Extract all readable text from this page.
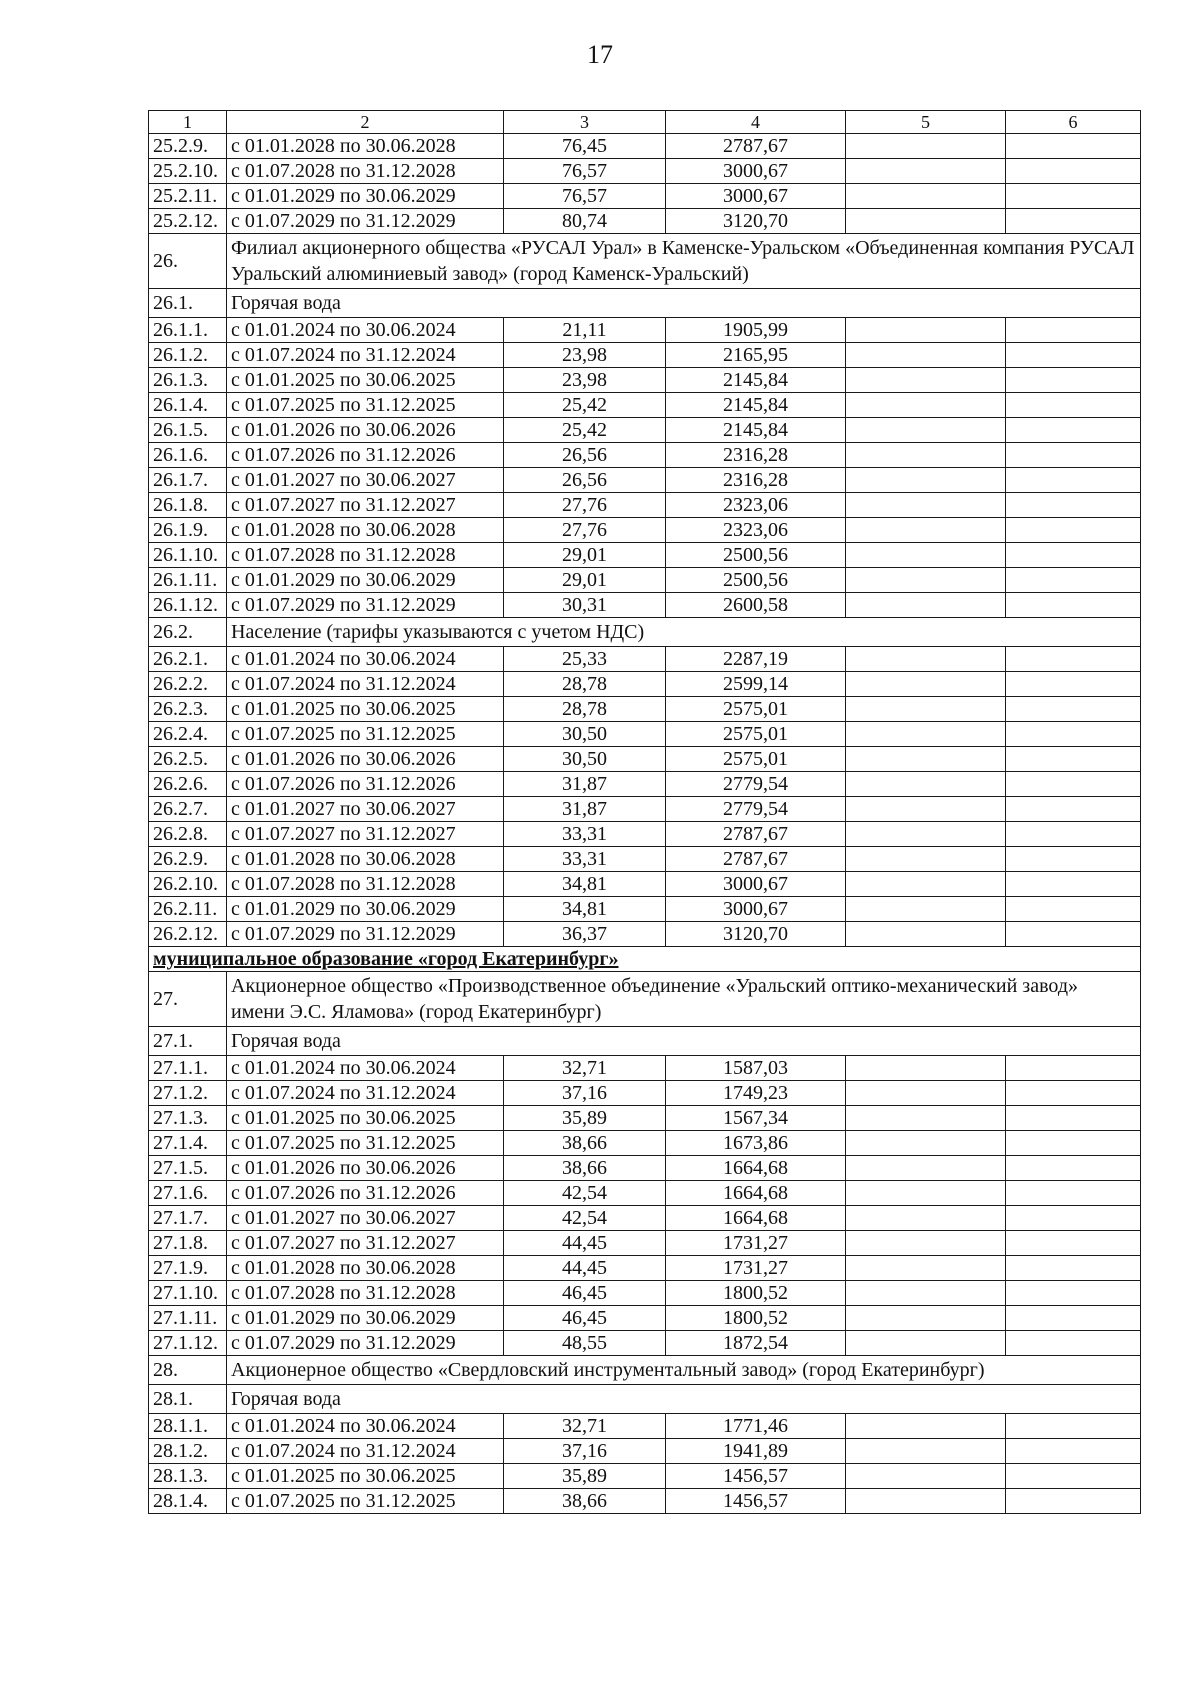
17
1	2	3	4	5	6
25.2.9.	с 01.01.2028 по 30.06.2028	76,45	2787,67		
25.2.10.	с 01.07.2028 по 31.12.2028	76,57	3000,67		
25.2.11.	с 01.01.2029 по 30.06.2029	76,57	3000,67		
25.2.12.	с 01.07.2029 по 31.12.2029	80,74	3120,70		
26.	Филиал акционерного общества «РУСАЛ Урал» в Каменске-Уральском «Объединенная компания РУСАЛ Уральский алюминиевый завод» (город Каменск-Уральский)				
26.1.	Горячая вода				
26.1.1.	с 01.01.2024 по 30.06.2024	21,11	1905,99		
26.1.2.	с 01.07.2024 по 31.12.2024	23,98	2165,95		
26.1.3.	с 01.01.2025 по 30.06.2025	23,98	2145,84		
26.1.4.	с 01.07.2025 по 31.12.2025	25,42	2145,84		
26.1.5.	с 01.01.2026 по 30.06.2026	25,42	2145,84		
26.1.6.	с 01.07.2026 по 31.12.2026	26,56	2316,28		
26.1.7.	с 01.01.2027 по 30.06.2027	26,56	2316,28		
26.1.8.	с 01.07.2027 по 31.12.2027	27,76	2323,06		
26.1.9.	с 01.01.2028 по 30.06.2028	27,76	2323,06		
26.1.10.	с 01.07.2028 по 31.12.2028	29,01	2500,56		
26.1.11.	с 01.01.2029 по 30.06.2029	29,01	2500,56		
26.1.12.	с 01.07.2029 по 31.12.2029	30,31	2600,58		
26.2.	Население (тарифы указываются с учетом НДС)				
26.2.1.	с 01.01.2024 по 30.06.2024	25,33	2287,19		
26.2.2.	с 01.07.2024 по 31.12.2024	28,78	2599,14		
26.2.3.	с 01.01.2025 по 30.06.2025	28,78	2575,01		
26.2.4.	с 01.07.2025 по 31.12.2025	30,50	2575,01		
26.2.5.	с 01.01.2026 по 30.06.2026	30,50	2575,01		
26.2.6.	с 01.07.2026 по 31.12.2026	31,87	2779,54		
26.2.7.	с 01.01.2027 по 30.06.2027	31,87	2779,54		
26.2.8.	с 01.07.2027 по 31.12.2027	33,31	2787,67		
26.2.9.	с 01.01.2028 по 30.06.2028	33,31	2787,67		
26.2.10.	с 01.07.2028 по 31.12.2028	34,81	3000,67		
26.2.11.	с 01.01.2029 по 30.06.2029	34,81	3000,67		
26.2.12.	с 01.07.2029 по 31.12.2029	36,37	3120,70		
муниципальное образование «город Екатеринбург»					
27.	Акционерное общество «Производственное объединение «Уральский оптико-механический завод» имени Э.С. Яламова» (город Екатеринбург)				
27.1.	Горячая вода				
27.1.1.	с 01.01.2024 по 30.06.2024	32,71	1587,03		
27.1.2.	с 01.07.2024 по 31.12.2024	37,16	1749,23		
27.1.3.	с 01.01.2025 по 30.06.2025	35,89	1567,34		
27.1.4.	с 01.07.2025 по 31.12.2025	38,66	1673,86		
27.1.5.	с 01.01.2026 по 30.06.2026	38,66	1664,68		
27.1.6.	с 01.07.2026 по 31.12.2026	42,54	1664,68		
27.1.7.	с 01.01.2027 по 30.06.2027	42,54	1664,68		
27.1.8.	с 01.07.2027 по 31.12.2027	44,45	1731,27		
27.1.9.	с 01.01.2028 по 30.06.2028	44,45	1731,27		
27.1.10.	с 01.07.2028 по 31.12.2028	46,45	1800,52		
27.1.11.	с 01.01.2029 по 30.06.2029	46,45	1800,52		
27.1.12.	с 01.07.2029 по 31.12.2029	48,55	1872,54		
28.	Акционерное общество «Свердловский инструментальный завод» (город Екатеринбург)				
28.1.	Горячая вода				
28.1.1.	с 01.01.2024 по 30.06.2024	32,71	1771,46		
28.1.2.	с 01.07.2024 по 31.12.2024	37,16	1941,89		
28.1.3.	с 01.01.2025 по 30.06.2025	35,89	1456,57		
28.1.4.	с 01.07.2025 по 31.12.2025	38,66	1456,57		
